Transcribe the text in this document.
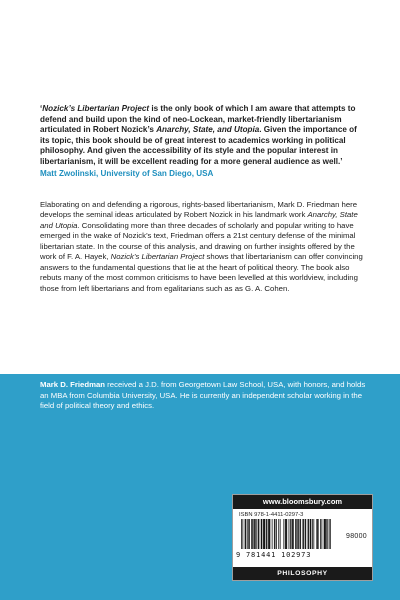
‘Nozick’s Libertarian Project is the only book of which I am aware that attempts to defend and build upon the kind of neo-Lockean, market-friendly libertarianism articulated in Robert Nozick’s Anarchy, State, and Utopia. Given the importance of its topic, this book should be of great interest to academics working in political philosophy. And given the accessibility of its style and the popular interest in libertarianism, it will be excellent reading for a more general audience as well.’

Matt Zwolinski, University of San Diego, USA

Elaborating on and defending a rigorous, rights-based libertarianism, Mark D. Friedman here develops the seminal ideas articulated by Robert Nozick in his landmark work Anarchy, State and Utopia. Consolidating more than three decades of scholarly and popular writing to have emerged in the wake of Nozick’s text, Friedman offers a 21st century defense of the minimal libertarian state. In the course of this analysis, and drawing on further insights offered by the work of F. A. Hayek, Nozick’s Libertarian Project shows that libertarianism can offer convincing answers to the fundamental questions that lie at the heart of political theory. The book also rebuts many of the most common criticisms to have been levelled at this worldview, including those from left libertarians and from egalitarians such as as G. A. Cohen.

Mark D. Friedman received a J.D. from Georgetown Law School, USA, with honors, and holds an MBA from Columbia University, USA. He is currently an independent scholar working in the field of political theory and ethics.

www.bloomsbury.com
ISBN 978-1-4411-0297-3
98000
9 781441 102973
PHILOSOPHY
